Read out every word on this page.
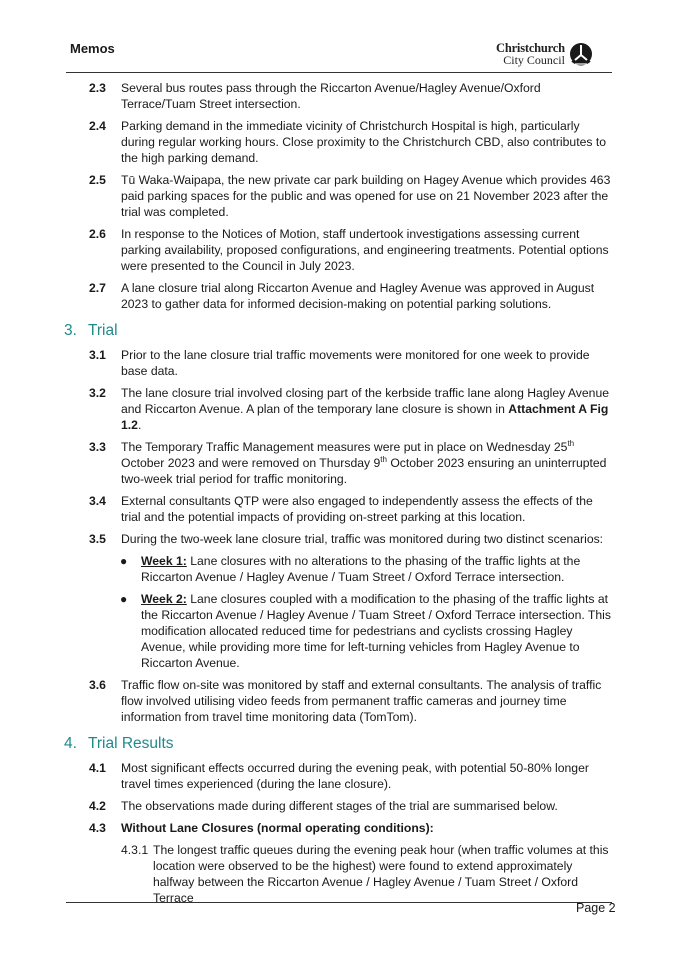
Memos	Christchurch
City Council
2.3 Several bus routes pass through the Riccarton Avenue/Hagley Avenue/Oxford Terrace/Tuam Street intersection.
2.4 Parking demand in the immediate vicinity of Christchurch Hospital is high, particularly during regular working hours. Close proximity to the Christchurch CBD, also contributes to the high parking demand.
2.5 Tū Waka-Waipapa, the new private car park building on Hagey Avenue which provides 463 paid parking spaces for the public and was opened for use on 21 November 2023 after the trial was completed.
2.6 In response to the Notices of Motion, staff undertook investigations assessing current parking availability, proposed configurations, and engineering treatments. Potential options were presented to the Council in July 2023.
2.7 A lane closure trial along Riccarton Avenue and Hagley Avenue was approved in August 2023 to gather data for informed decision-making on potential parking solutions.
3. Trial
3.1 Prior to the lane closure trial traffic movements were monitored for one week to provide base data.
3.2 The lane closure trial involved closing part of the kerbside traffic lane along Hagley Avenue and Riccarton Avenue. A plan of the temporary lane closure is shown in Attachment A Fig 1.2.
3.3 The Temporary Traffic Management measures were put in place on Wednesday 25th October 2023 and were removed on Thursday 9th October 2023 ensuring an uninterrupted two-week trial period for traffic monitoring.
3.4 External consultants QTP were also engaged to independently assess the effects of the trial and the potential impacts of providing on-street parking at this location.
3.5 During the two-week lane closure trial, traffic was monitored during two distinct scenarios:
● Week 1: Lane closures with no alterations to the phasing of the traffic lights at the Riccarton Avenue / Hagley Avenue / Tuam Street / Oxford Terrace intersection.
● Week 2: Lane closures coupled with a modification to the phasing of the traffic lights at the Riccarton Avenue / Hagley Avenue / Tuam Street / Oxford Terrace intersection. This modification allocated reduced time for pedestrians and cyclists crossing Hagley Avenue, while providing more time for left-turning vehicles from Hagley Avenue to Riccarton Avenue.
3.6 Traffic flow on-site was monitored by staff and external consultants. The analysis of traffic flow involved utilising video feeds from permanent traffic cameras and journey time information from travel time monitoring data (TomTom).
4. Trial Results
4.1 Most significant effects occurred during the evening peak, with potential 50-80% longer travel times experienced (during the lane closure).
4.2 The observations made during different stages of the trial are summarised below.
4.3 Without Lane Closures (normal operating conditions):
4.3.1 The longest traffic queues during the evening peak hour (when traffic volumes at this location were observed to be the highest) were found to extend approximately halfway between the Riccarton Avenue / Hagley Avenue / Tuam Street / Oxford Terrace
Page 2
